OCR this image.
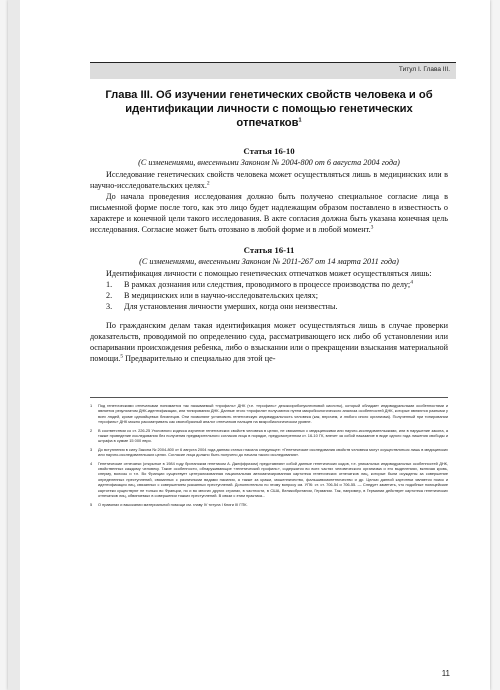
Титул I. Глава III.
Глава III. Об изучении генетических свойств человека и об идентификации личности с помощью генетических отпечатков$^1$
Статья 16-10

(С изменениями, внесенными Законом № 2004-800 от 6 августа 2004 года)

Исследование генетических свойств человека может осуществляться лишь в медицинских или в научно-исследовательских целях.$^2$

До начала проведения исследования должно быть получено специальное согласие лица в письменной форме после того, как это лицо будет надлежащим образом поставлено в известность о характере и конечной цели такого исследования. В акте согласия должна быть указана конечная цель исследования. Согласие может быть отозвано в любой форме и в любой момент.$^3$

Статья 16-11

(С изменениями, внесенными Законом № 2011-267 от 14 марта 2011 года)

Идентификация личности с помощью генетических отпечатков может осуществляться лишь:

1.	В рамках дознания или следствия, проводимого в процессе производства по делу;$^4$
2.	В медицинских или в научно-исследовательских целях;
3.	Для установления личности умерших, когда они неизвестны.

По гражданским делам такая идентификация может осуществляться лишь в случае проверки доказательств, проводимой по определению суда, рассматривающего иск либо об установлении или оспаривании происхождения ребенка, либо о взыскании или о прекращении взыскания материальной помощи.$^5$ Предварительно и специально для этой це-

1	Под генетическими отпечатками понимается так называемый «профиль» ДНК (т.е. «профиль» дезоксирибонуклеиновой кислоты), который обладает индивидуальными особенностями и является результатом ДНК-идентификации, или типирования ДНК. Данные этого «профиля» получаются путем микробиологического анализа особенностей ДНК, которые являются разными у всех людей, кроме однояйцевых близнецов. Они позволяют установить генетическую индивидуальность человека (как, впрочем, и любого иного организма). Полученный при типировании «профиль» ДНК можно рассматривать как своеобразный аналог отпечатков пальцев на микробиологическом уровне.
2	В соответствии со ст. 226-25 Уголовного кодекса изучение генетических свойств человека в целях, не связанных с медицинскими или научно-исследовательскими, или в нарушение закона, а также проведение исследования без получения предварительного согласия лица в порядке, предусмотренном ст. 16-10 ГК, влечет за собой наказание в виде одного года лишения свободы и штрафа в сумме 15 000 евро.
3	До вступления в силу Закона № 2004-800 от 6 августа 2004 года данная статья гласила следующее: «Генетические исследования свойств человека могут осуществляться лишь в медицинских или научно-исследовательских целях. Согласие лица должно быть получено до начала такого исследования».
4	Генетические отпечатки (открытые в 1984 году британским генетиком А. Джеффризом) представляют собой данные генетических кодов, т.е. уникальных индивидуальных особенностей ДНК, свойственных каждому человеку. Такие особенности, обнаруживающие «генетический профиль», содержатся во всех частях человеческого организма и его выделениях, включая кровь, сперму, волосы и т.п. Во Франции существует централизованная национальная автоматизированная картотека генетических отпечатков лиц, которые были осуждены за совершение определенных преступлений, связанных с различными видами насилия, а также за кражи, мошенничество, фальшивомонетничество и др. Целью данной картотеки является поиск и идентификация лиц, связанных с совершением указанных преступлений. Дополнительно по этому вопросу см. УПК: ст. ст. 706-54 и 706-55. — Следует заметить, что подобные полицейские картотеки существуют не только во Франции, но и во многих других странах, в частности, в США, Великобритании, Германии. Так, например, в Германии действует картотека генетических отпечатков лиц, обвиняемых в совершении тяжких преступлений. В связи с этим практика...
5	О правилах и взыскании материальной помощи см. главу IV титула I Книги III ГПК.
11
